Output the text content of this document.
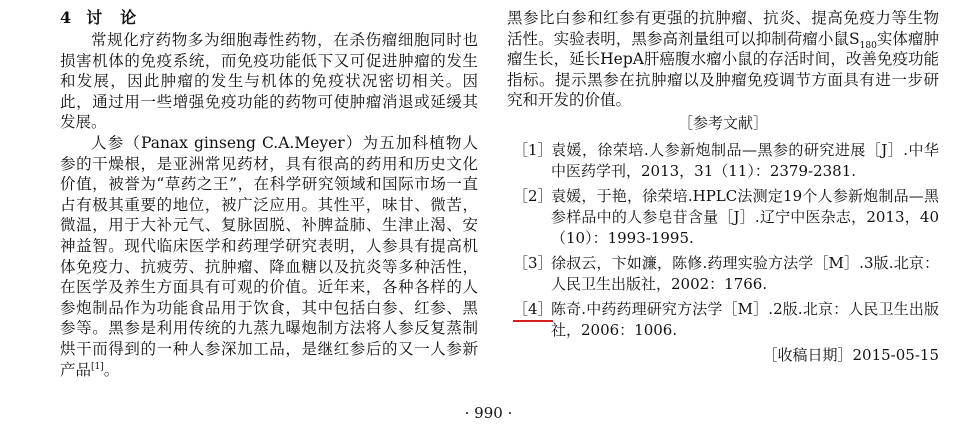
4 讨　论

常规化疗药物多为细胞毒性药物，在杀伤瘤细胞同时也损害机体的免疫系统，而免疫功能低下又可促进肿瘤的发生和发展，因此肿瘤的发生与机体的免疫状况密切相关。因此，通过用一些增强免疫功能的药物可使肿瘤消退或延缓其发展。

人参（Panax ginseng C.A.Meyer）为五加科植物人参的干燥根，是亚洲常见药材，具有很高的药用和历史文化价值，被誉为“草药之王”，在科学研究领域和国际市场一直占有极其重要的地位，被广泛应用。其性平，味甘、微苦，微温，用于大补元气、复脉固脱、补脾益肺、生津止渴、安神益智。现代临床医学和药理学研究表明，人参具有提高机体免疫力、抗疲劳、抗肿瘤、降血糖以及抗炎等多种活性，在医学及养生方面具有可观的价值。近年来，各种各样的人参炮制品作为功能食品用于饮食，其中包括白参、红参、黑参等。黑参是利用传统的九蒸九曝炮制方法将人参反复蒸制烘干而得到的一种人参深加工品，是继红参后的又一人参新产品[1]。

黑参比白参和红参有更强的抗肿瘤、抗炎、提高免疫力等生物活性。实验表明，黑参高剂量组可以抑制荷瘤小鼠$S_{180}$实体瘤肿瘤生长，延长HepA肝癌腹水瘤小鼠的存活时间，改善免疫功能指标。提示黑参在抗肿瘤以及肿瘤免疫调节方面具有进一步研究和开发的价值。

［参考文献］
［1］
袁媛，徐荣培.人参新炮制品—黑参的研究进展［J］.中华中医药学刊，2013，31（11）：2379-2381.
［2］
袁媛，于艳，徐荣培.HPLC法测定19个人参新炮制品—黑参样品中的人参皂苷含量［J］.辽宁中医杂志，2013，40（10）：1993-1995.
［3］
徐叔云，卞如濂，陈修.药理实验方法学［M］.3版.北京：人民卫生出版社，2002：1766.
［4］
陈奇.中药药理研究方法学［M］.2版.北京：人民卫生出版社，2006：1006.
［收稿日期］2015-05-15
· 990 ·
